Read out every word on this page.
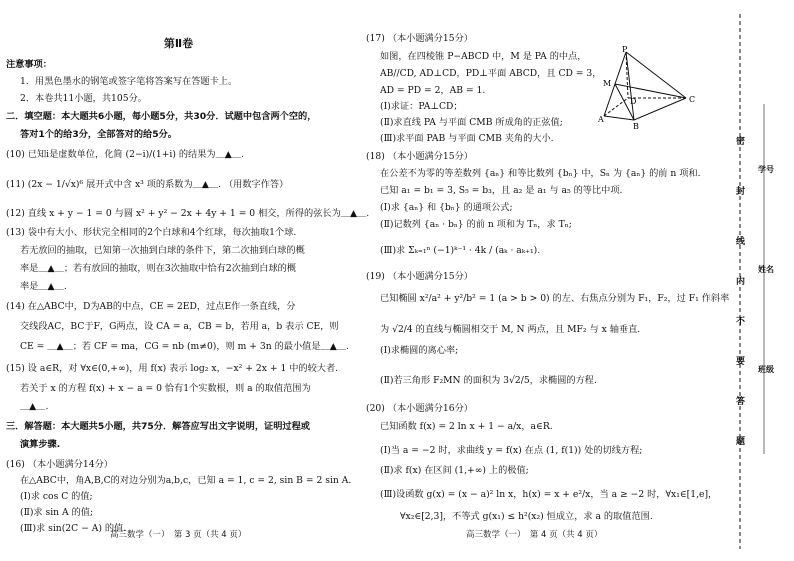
第Ⅱ卷
注意事项：
1．用黑色墨水的钢笔或签字笔将答案写在答题卡上。
2．本卷共11小题，共105分。
二．填空题：本大题共6小题，每小题5分，共30分．试题中包含两个空的，
答对1个的给3分，全部答对的给5分。
(10) 已知i是虚数单位，化简 (2−i)/(1+i) 的结果为＿▲＿.
(11) (2x − 1/√x)⁶ 展开式中含 x³ 项的系数为＿▲＿. （用数字作答）
(12) 直线 x + y − 1 = 0 与圆 x² + y² − 2x + 4y + 1 = 0 相交，所得的弦长为＿▲＿.
(13) 袋中有大小、形状完全相同的2个白球和4个红球，每次抽取1个球.
若无放回的抽取，已知第一次抽到白球的条件下，第二次抽到白球的概
率是＿▲＿；若有放回的抽取，则在3次抽取中恰有2次抽到白球的概
率是＿▲＿.
(14) 在△ABC中，D为AB的中点，CE = 2ED，过点E作一条直线，分
交线段AC，BC于F，G两点，设 CA = a，CB = b，若用 a，b 表示 CE，则
CE = ＿▲＿；若 CF = ma，CG = nb (m≠0)，则 m + 3n 的最小值是＿▲＿.
(15) 设 a∈R，对 ∀x∈(0,+∞)，用 f(x) 表示 log₂ x，−x² + 2x + 1 中的较大者.
若关于 x 的方程 f(x) + x − a = 0 恰有1个实数根，则 a 的取值范围为
＿▲＿.
三．解答题：本大题共5小题，共75分．解答应写出文字说明，证明过程或
演算步骤.
(16) （本小题满分14分）
在△ABC中，角A,B,C的对边分别为a,b,c，已知 a = 1, c = 2, sin B = 2 sin A.
(Ⅰ)求 cos C 的值;
(Ⅱ)求 sin A 的值;
(Ⅲ)求 sin(2C − A) 的值.
高三数学（一）　第 3 页（共 4 页）
(17) （本小题满分15分）
如图，在四棱锥 P−ABCD 中，M 是 PA 的中点，
AB//CD, AD⊥CD，PD⊥平面 ABCD，且 CD = 3，
AD = PD = 2，AB = 1.
(Ⅰ)求证：PA⊥CD；
(Ⅱ)求直线 PA 与平面 CMB 所成角的正弦值;
(Ⅲ)求平面 PAB 与平面 CMB 夹角的大小.
(18) （本小题满分15分）
在公差不为零的等差数列 {aₙ} 和等比数列 {bₙ} 中，Sₙ 为 {aₙ} 的前 n 项和.
已知 a₁ = b₁ = 3, S₅ = b₃，且 a₂ 是 a₁ 与 a₅ 的等比中项.
(Ⅰ)求 {aₙ} 和 {bₙ} 的通项公式;
(Ⅱ)记数列 {aₙ · bₙ} 的前 n 项和为 Tₙ，求 Tₙ;
(Ⅲ)求 Σₖ₌₁ⁿ (−1)ᵏ⁻¹ · 4k / (aₖ · aₖ₊₁).
(19) （本小题满分15分）
已知椭圆 x²/a² + y²/b² = 1 (a > b > 0) 的左、右焦点分别为 F₁，F₂，过 F₁ 作斜率
为 √2/4 的直线与椭圆相交于 M, N 两点，且 MF₂ 与 x 轴垂直.
(Ⅰ)求椭圆的离心率;
(Ⅱ)若三角形 F₂MN 的面积为 3√2/5，求椭圆的方程.
(20) （本小题满分16分）
已知函数 f(x) = 2 ln x + 1 − a/x，a∈R.
(Ⅰ)当 a = −2 时，求曲线 y = f(x) 在点 (1, f(1)) 处的切线方程;
(Ⅱ)求 f(x) 在区间 (1,+∞) 上的极值;
(Ⅲ)设函数 g(x) = (x − a)² ln x，h(x) = x + e²/x，当 a ≥ −2 时，∀x₁∈[1,e]，
∀x₂∈[2,3]，不等式 g(x₁) ≤ h²(x₂) 恒成立，求 a 的取值范围.
高三数学（一）　第 4 页（共 4 页）
P
M
D
B
A
C
密
封
线
内
不
要
答
题
学号
姓名
班级
